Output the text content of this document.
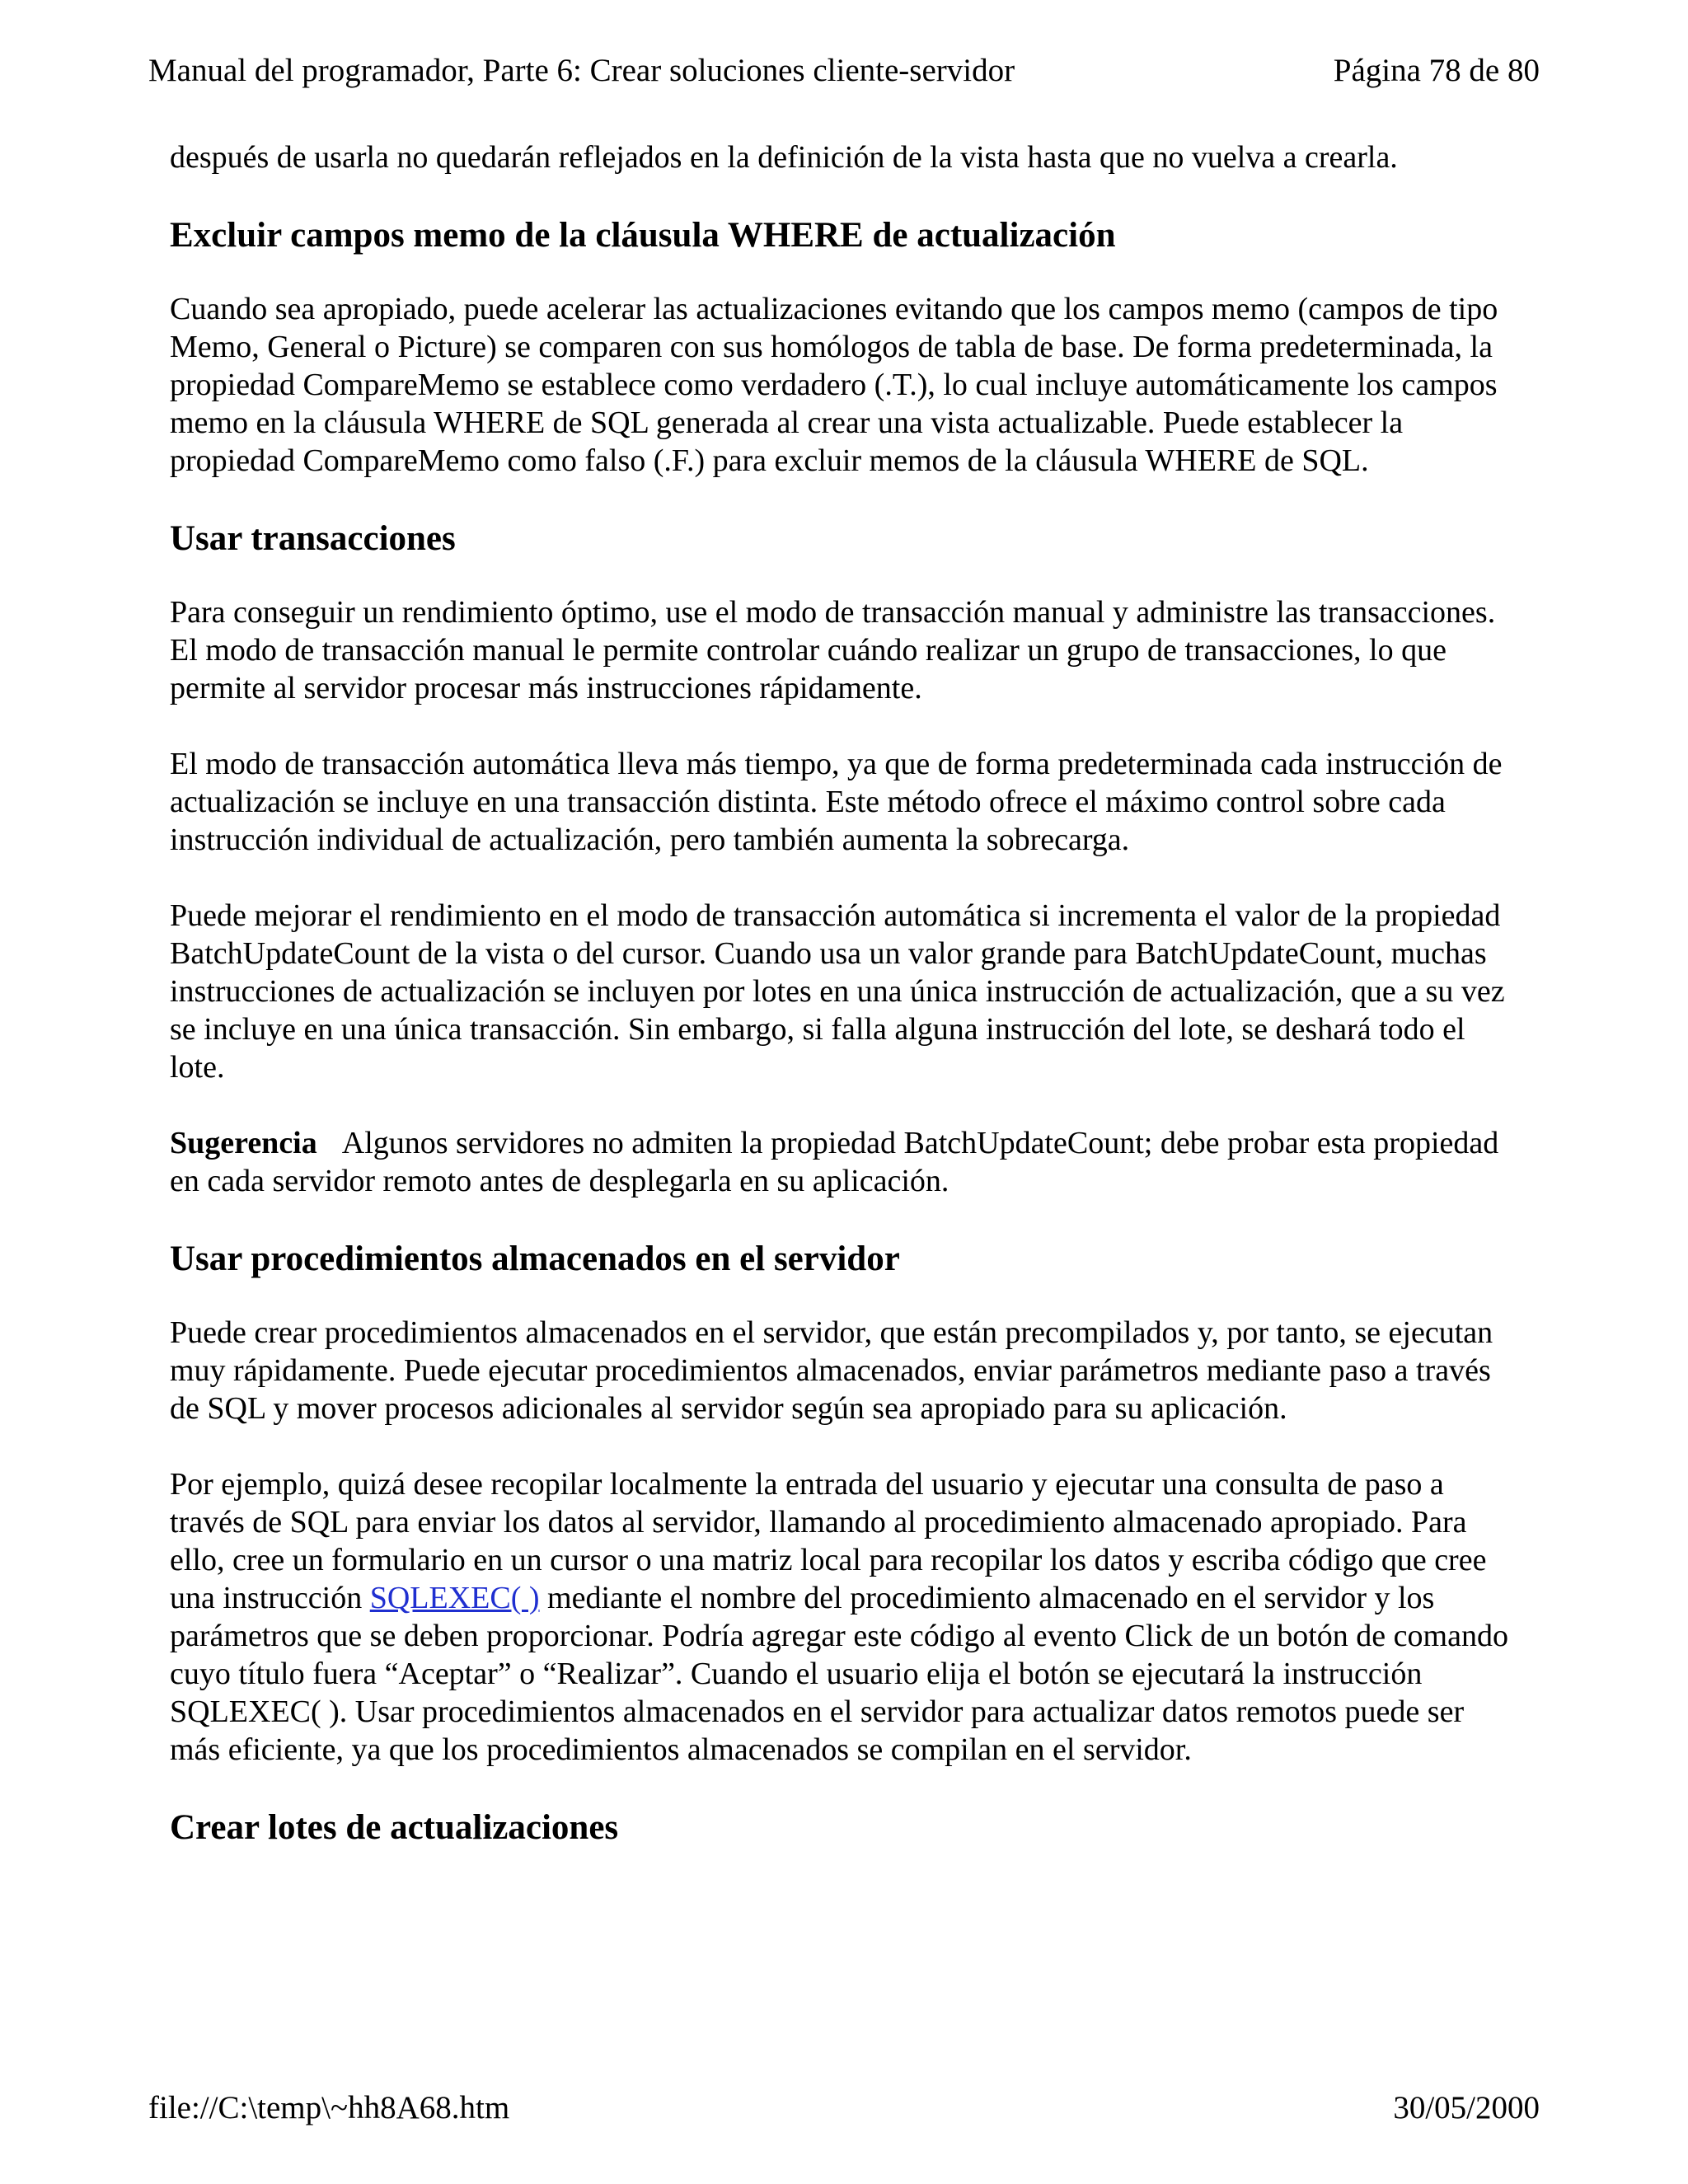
Manual del programador, Parte 6: Crear soluciones cliente-servidor	Página 78 de 80

después de usarla no quedarán reflejados en la definición de la vista hasta que no vuelva a crearla.

Excluir campos memo de la cláusula WHERE de actualización

Cuando sea apropiado, puede acelerar las actualizaciones evitando que los campos memo (campos de tipo Memo, General o Picture) se comparen con sus homólogos de tabla de base. De forma predeterminada, la propiedad CompareMemo se establece como verdadero (.T.), lo cual incluye automáticamente los campos memo en la cláusula WHERE de SQL generada al crear una vista actualizable. Puede establecer la propiedad CompareMemo como falso (.F.) para excluir memos de la cláusula WHERE de SQL.

Usar transacciones

Para conseguir un rendimiento óptimo, use el modo de transacción manual y administre las transacciones. El modo de transacción manual le permite controlar cuándo realizar un grupo de transacciones, lo que permite al servidor procesar más instrucciones rápidamente.

El modo de transacción automática lleva más tiempo, ya que de forma predeterminada cada instrucción de actualización se incluye en una transacción distinta. Este método ofrece el máximo control sobre cada instrucción individual de actualización, pero también aumenta la sobrecarga.

Puede mejorar el rendimiento en el modo de transacción automática si incrementa el valor de la propiedad BatchUpdateCount de la vista o del cursor. Cuando usa un valor grande para BatchUpdateCount, muchas instrucciones de actualización se incluyen por lotes en una única instrucción de actualización, que a su vez se incluye en una única transacción. Sin embargo, si falla alguna instrucción del lote, se deshará todo el lote.

Sugerencia Algunos servidores no admiten la propiedad BatchUpdateCount; debe probar esta propiedad en cada servidor remoto antes de desplegarla en su aplicación.

Usar procedimientos almacenados en el servidor

Puede crear procedimientos almacenados en el servidor, que están precompilados y, por tanto, se ejecutan muy rápidamente. Puede ejecutar procedimientos almacenados, enviar parámetros mediante paso a través de SQL y mover procesos adicionales al servidor según sea apropiado para su aplicación.

Por ejemplo, quizá desee recopilar localmente la entrada del usuario y ejecutar una consulta de paso a través de SQL para enviar los datos al servidor, llamando al procedimiento almacenado apropiado. Para ello, cree un formulario en un cursor o una matriz local para recopilar los datos y escriba código que cree una instrucción SQLEXEC( ) mediante el nombre del procedimiento almacenado en el servidor y los parámetros que se deben proporcionar. Podría agregar este código al evento Click de un botón de comando cuyo título fuera “Aceptar” o “Realizar”. Cuando el usuario elija el botón se ejecutará la instrucción SQLEXEC( ). Usar procedimientos almacenados en el servidor para actualizar datos remotos puede ser más eficiente, ya que los procedimientos almacenados se compilan en el servidor.

Crear lotes de actualizaciones
file://C:\temp\~hh8A68.htm	30/05/2000
